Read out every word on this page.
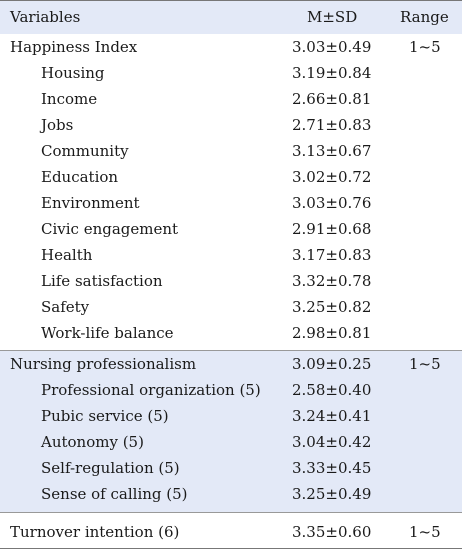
Variables	M±SD	Range
Happiness Index	3.03±0.49	1~5
Housing	3.19±0.84
Income	2.66±0.81
Jobs	2.71±0.83
Community	3.13±0.67
Education	3.02±0.72
Environment	3.03±0.76
Civic engagement	2.91±0.68
Health	3.17±0.83
Life satisfaction	3.32±0.78
Safety	3.25±0.82
Work-life balance	2.98±0.81
Nursing professionalism	3.09±0.25	1~5
Professional organization (5) 2.58±0.40
Pubic service (5)	3.24±0.41
Autonomy (5)	3.04±0.42
Self-regulation (5)	3.33±0.45
Sense of calling (5)	3.25±0.49
Turnover intention (6)	3.35±0.60	1~5
